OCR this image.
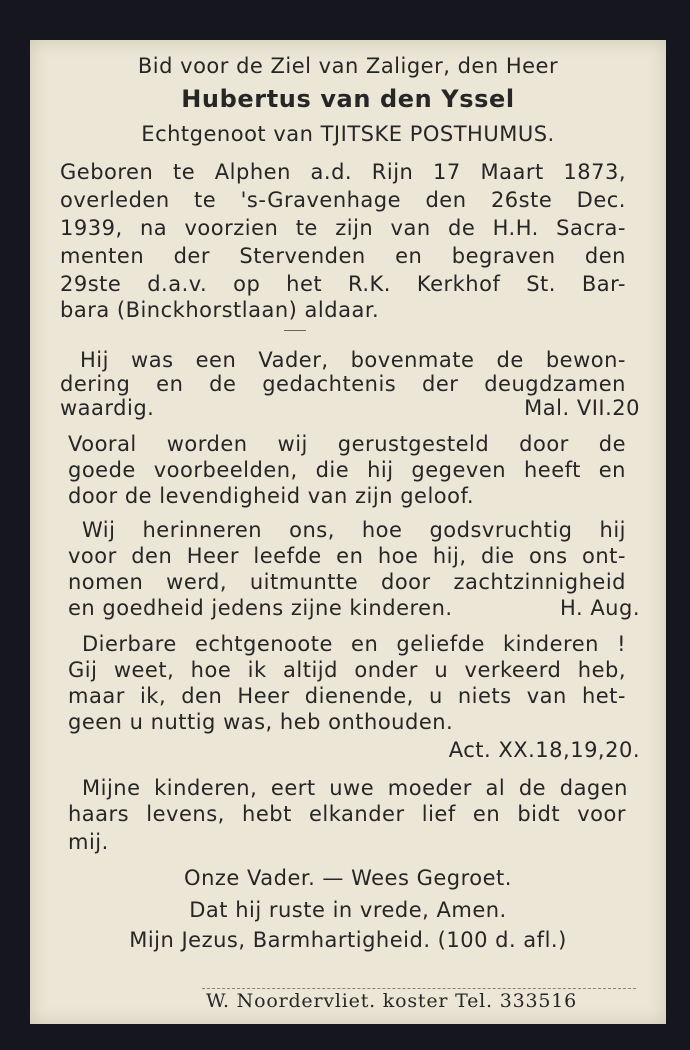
Bid voor de Ziel van Zaliger, den Heer
Hubertus van den Yssel
Echtgenoot van TJITSKE POSTHUMUS.
Geboren te Alphen a.d. Rijn 17 Maart 1873,
overleden te 's-Gravenhage den 26ste Dec.
1939, na voorzien te zijn van de H.H. Sacra-
menten der Stervenden en begraven den
29ste d.a.v. op het R.K. Kerkhof St. Bar-
bara (Binckhorstlaan) aldaar.
Hij was een Vader, bovenmate de bewon-
dering en de gedachtenis der deugdzamen
waardig.	Mal. VII.20
Vooral worden wij gerustgesteld door de
goede voorbeelden, die hij gegeven heeft en
door de levendigheid van zijn geloof.
Wij herinneren ons, hoe godsvruchtig hij
voor den Heer leefde en hoe hij, die ons ont-
nomen werd, uitmuntte door zachtzinnigheid
en goedheid jedens zijne kinderen.	H. Aug.
Dierbare echtgenoote en geliefde kinderen !
Gij weet, hoe ik altijd onder u verkeerd heb,
maar ik, den Heer dienende, u niets van het-
geen u nuttig was, heb onthouden.
Act. XX.18,19,20.
Mijne kinderen, eert uwe moeder al de dagen
haars levens, hebt elkander lief en bidt voor
mij.
Onze Vader. — Wees Gegroet.
Dat hij ruste in vrede, Amen.
Mijn Jezus, Barmhartigheid. (100 d. afl.)
W. Noordervliet. koster Tel. 333516
